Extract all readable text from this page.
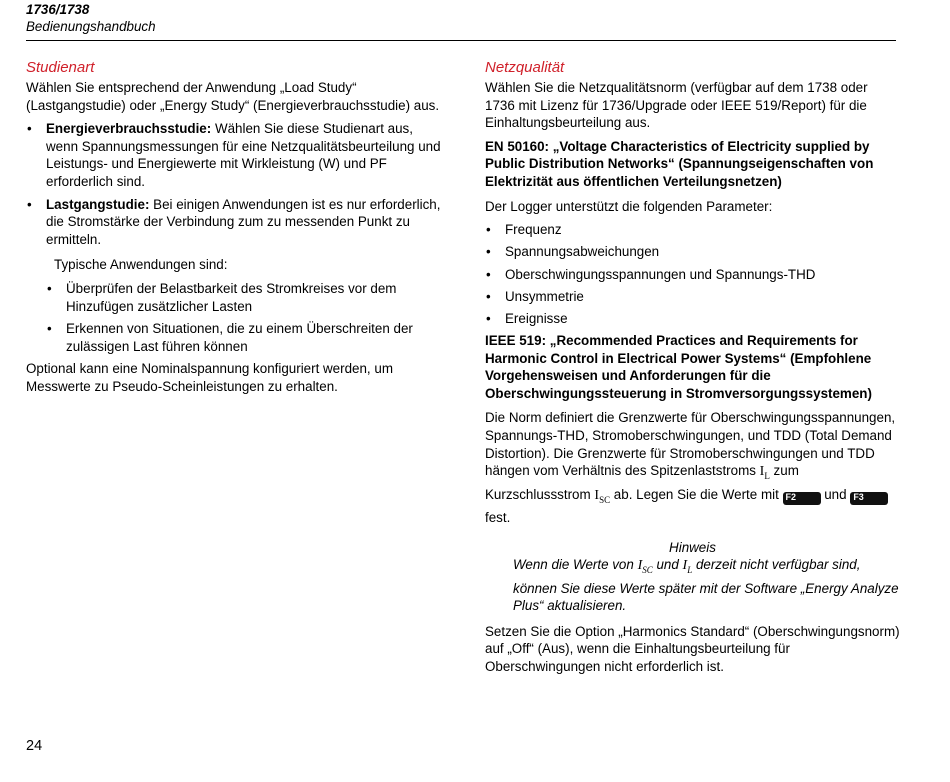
1736/1738
Bedienungshandbuch
Studienart

Wählen Sie entsprechend der Anwendung „Load Study“ (Lastgangstudie) oder „Energy Study“ (Energieverbrauchsstudie) aus.

• Energieverbrauchsstudie: Wählen Sie diese Studienart aus, wenn Spannungsmessungen für eine Netzqualitätsbeurteilung und Leistungs- und Energiewerte mit Wirkleistung (W) und PF erforderlich sind.
• Lastgangstudie: Bei einigen Anwendungen ist es nur erforderlich, die Stromstärke der Verbindung zum zu messenden Punkt zu ermitteln.
Typische Anwendungen sind:
• Überprüfen der Belastbarkeit des Stromkreises vor dem Hinzufügen zusätzlicher Lasten
• Erkennen von Situationen, die zu einem Überschreiten der zulässigen Last führen können

Optional kann eine Nominalspannung konfiguriert werden, um Messwerte zu Pseudo-Scheinleistungen zu erhalten.

Netzqualität

Wählen Sie die Netzqualitätsnorm (verfügbar auf dem 1738 oder 1736 mit Lizenz für 1736/Upgrade oder IEEE 519/Report) für die Einhaltungsbeurteilung aus.

EN 50160: „Voltage Characteristics of Electricity supplied by Public Distribution Networks“ (Spannungseigenschaften von Elektrizität aus öffentlichen Verteilungsnetzen)

Der Logger unterstützt die folgenden Parameter:

• Frequenz
• Spannungsabweichungen
• Oberschwingungsspannungen und Spannungs-THD
• Unsymmetrie
• Ereignisse
IEEE 519: „Recommended Practices and Requirements for Harmonic Control in Electrical Power Systems“ (Empfohlene Vorgehensweisen und Anforderungen für die Oberschwingungssteuerung in Stromversorgungssystemen)

Die Norm definiert die Grenzwerte für Oberschwingungsspannungen, Spannungs-THD, Stromoberschwingungen, und TDD (Total Demand Distortion). Die Grenzwerte für Stromoberschwingungen und TDD hängen vom Verhältnis des Spitzenlaststroms $I_L$ zum Kurzschlussstrom $I_{SC}$ ab. Legen Sie die Werte mit F2 und F3 fest.

Hinweis
Wenn die Werte von $I_{SC}$ und $I_L$ derzeit nicht verfügbar sind, können Sie diese Werte später mit der Software „Energy Analyze Plus“ aktualisieren.

Setzen Sie die Option „Harmonics Standard“ (Oberschwingungsnorm) auf „Off“ (Aus), wenn die Einhaltungsbeurteilung für Oberschwingungen nicht erforderlich ist.

24
